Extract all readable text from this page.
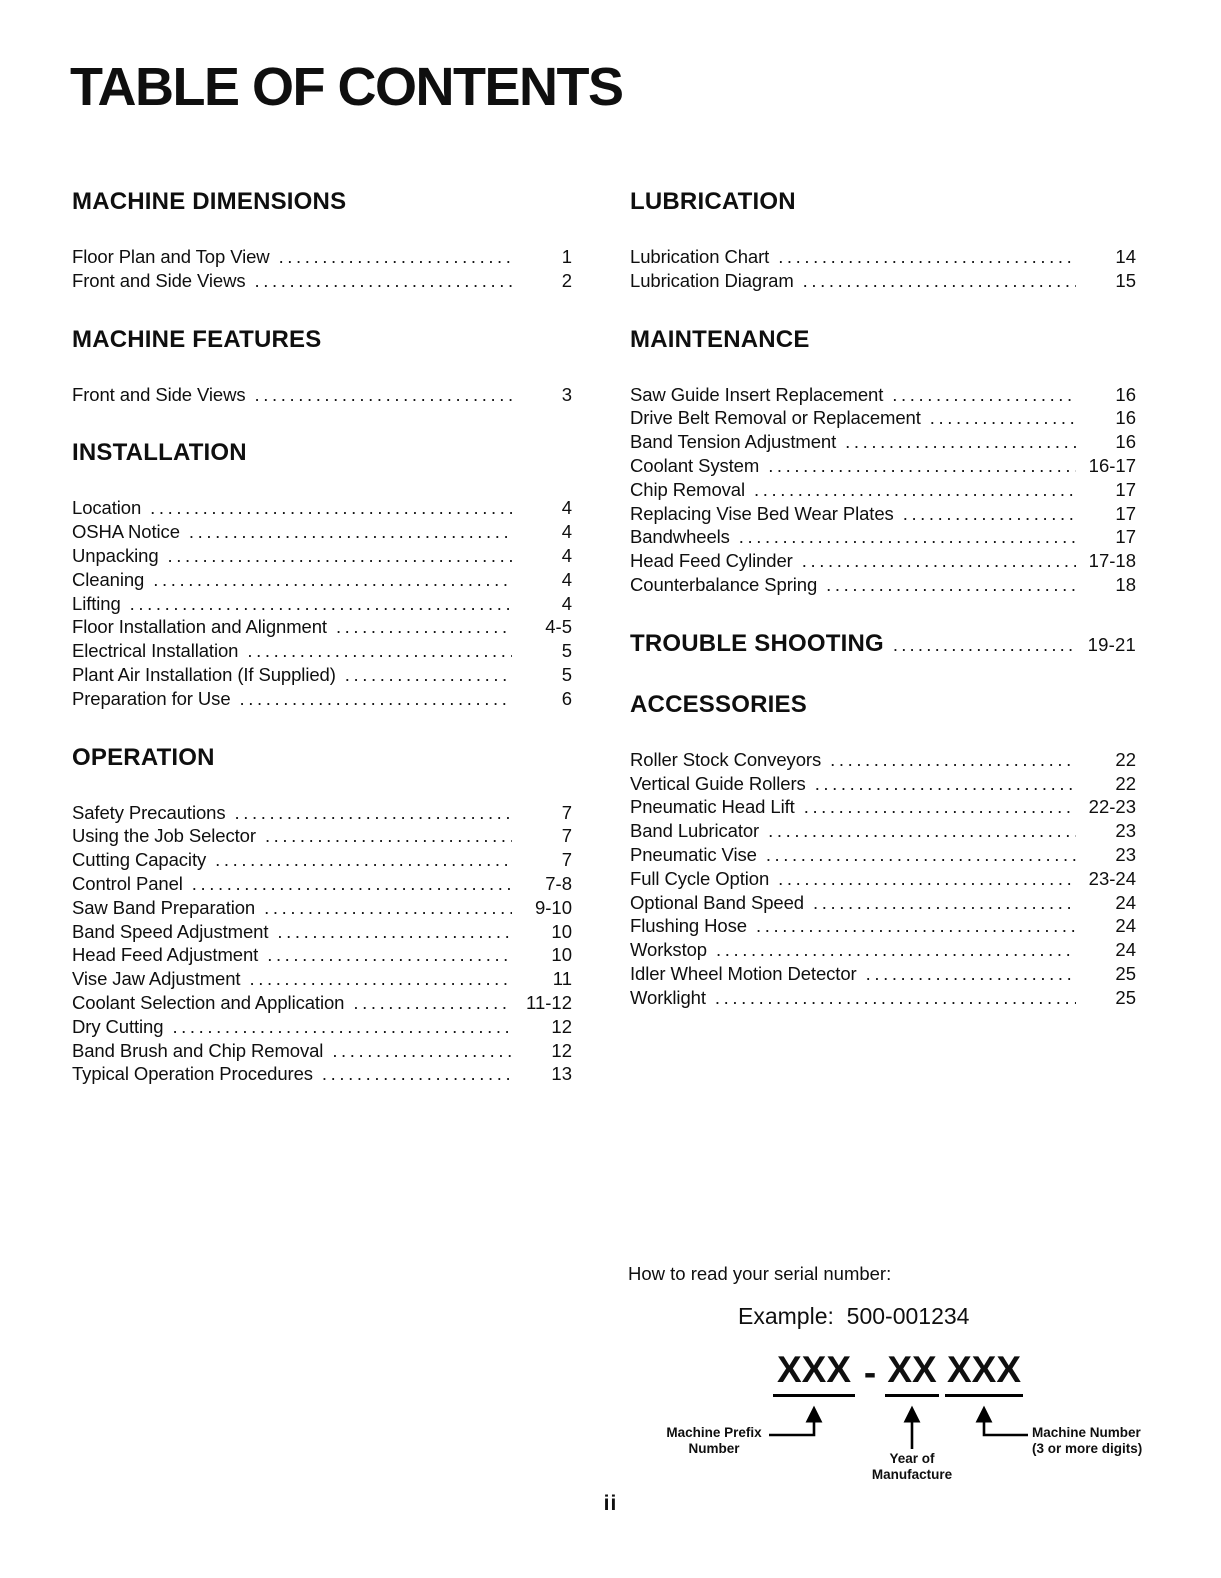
TABLE OF CONTENTS
MACHINE DIMENSIONS
Floor Plan and Top View .....	1
Front and Side Views .....	2
MACHINE FEATURES
Front and Side Views .....	3
INSTALLATION
Location .....	4
OSHA Notice .....	4
Unpacking .....	4
Cleaning .....	4
Lifting .....	4
Floor Installation and Alignment .....	4-5
Electrical Installation .....	5
Plant Air Installation (If Supplied) .....	5
Preparation for Use .....	6
OPERATION
Safety Precautions .....	7
Using the Job Selector .....	7
Cutting Capacity .....	7
Control Panel .....	7-8
Saw Band Preparation .....	9-10
Band Speed Adjustment .....	10
Head Feed Adjustment .....	10
Vise Jaw Adjustment .....	11
Coolant Selection and Application .....	11-12
Dry Cutting .....	12
Band Brush and Chip Removal .....	12
Typical Operation Procedures .....	13
LUBRICATION
Lubrication Chart .....	14
Lubrication Diagram .....	15
MAINTENANCE
Saw Guide Insert Replacement .....	16
Drive Belt Removal or Replacement .....	16
Band Tension Adjustment .....	16
Coolant System .....	16-17
Chip Removal .....	17
Replacing Vise Bed Wear Plates .....	17
Bandwheels .....	17
Head Feed Cylinder .....	17-18
Counterbalance Spring .....	18
TROUBLE SHOOTING .....	19-21
ACCESSORIES
Roller Stock Conveyors .....	22
Vertical Guide Rollers .....	22
Pneumatic Head Lift .....	22-23
Band Lubricator .....	23
Pneumatic Vise .....	23
Full Cycle Option .....	23-24
Optional Band Speed .....	24
Flushing Hose .....	24
Workstop .....	24
Idler Wheel Motion Detector .....	25
Worklight .....	25
How to read your serial number:
Example:  500-001234
XXX - XX XXX
Machine Prefix
Number
Year of
Manufacture
Machine Number
(3 or more digits)
ii
